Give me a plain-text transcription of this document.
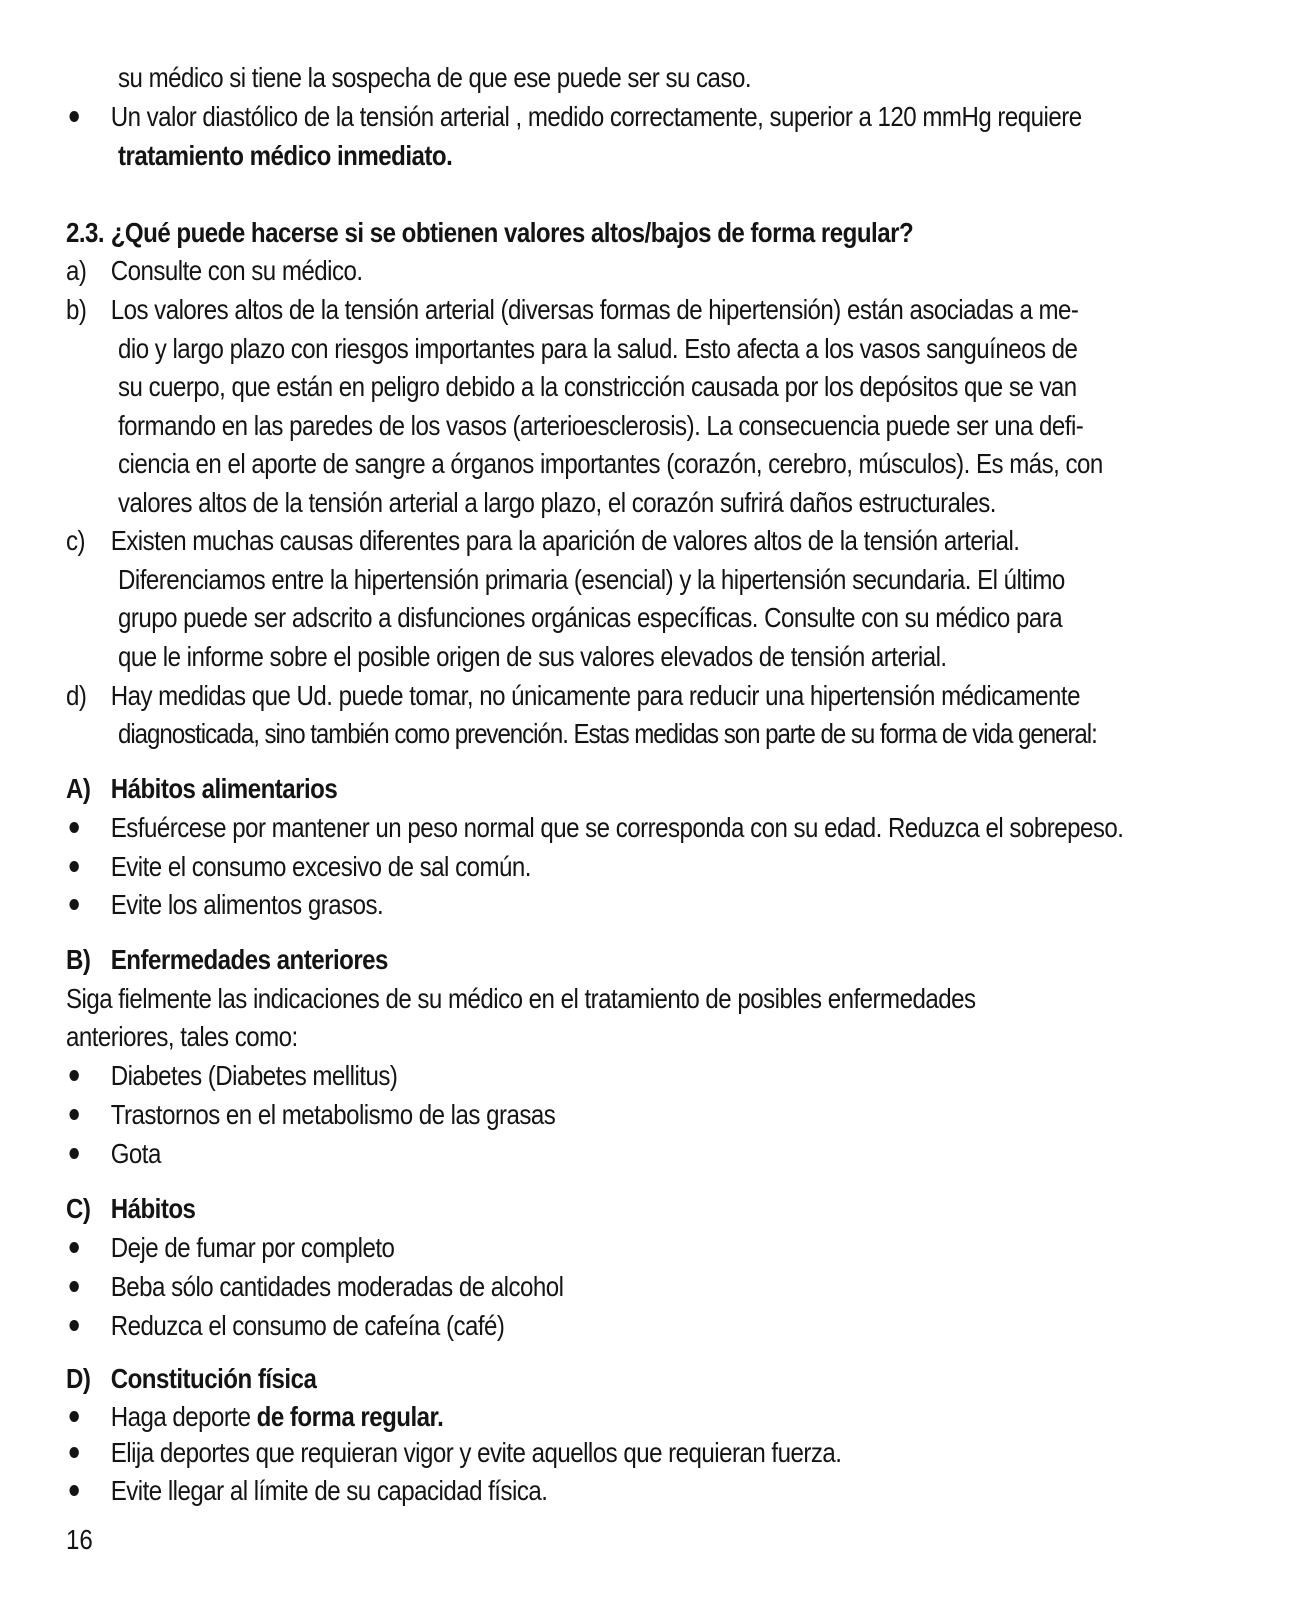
su médico si tiene la sospecha de que ese puede ser su caso.
Un valor diastólico de la tensión arterial , medido correctamente, superior a 120 mmHg requiere
tratamiento médico inmediato.
2.3. ¿Qué puede hacerse si se obtienen valores altos/bajos de forma regular?
a) Consulte con su médico.
b) Los valores altos de la tensión arterial (diversas formas de hipertensión) están asociadas a me-
dio y largo plazo con riesgos importantes para la salud. Esto afecta a los vasos sanguíneos de
su cuerpo, que están en peligro debido a la constricción causada por los depósitos que se van
formando en las paredes de los vasos (arterioesclerosis). La consecuencia puede ser una defi-
ciencia en el aporte de sangre a órganos importantes (corazón, cerebro, músculos). Es más, con
valores altos de la tensión arterial a largo plazo, el corazón sufrirá daños estructurales.
c) Existen muchas causas diferentes para la aparición de valores altos de la tensión arterial.
Diferenciamos entre la hipertensión primaria (esencial) y la hipertensión secundaria. El último
grupo puede ser adscrito a disfunciones orgánicas específicas. Consulte con su médico para
que le informe sobre el posible origen de sus valores elevados de tensión arterial.
d) Hay medidas que Ud. puede tomar, no únicamente para reducir una hipertensión médicamente
diagnosticada, sino también como prevención. Estas medidas son parte de su forma de vida general:
A) Hábitos alimentarios
Esfuércese por mantener un peso normal que se corresponda con su edad. Reduzca el sobrepeso.
Evite el consumo excesivo de sal común.
Evite los alimentos grasos.
B) Enfermedades anteriores
Siga fielmente las indicaciones de su médico en el tratamiento de posibles enfermedades
anteriores, tales como:
Diabetes (Diabetes mellitus)
Trastornos en el metabolismo de las grasas
Gota
C) Hábitos
Deje de fumar por completo
Beba sólo cantidades moderadas de alcohol
Reduzca el consumo de cafeína (café)
D) Constitución física
Haga deporte de forma regular.
Elija deportes que requieran vigor y evite aquellos que requieran fuerza.
Evite llegar al límite de su capacidad física.
16
